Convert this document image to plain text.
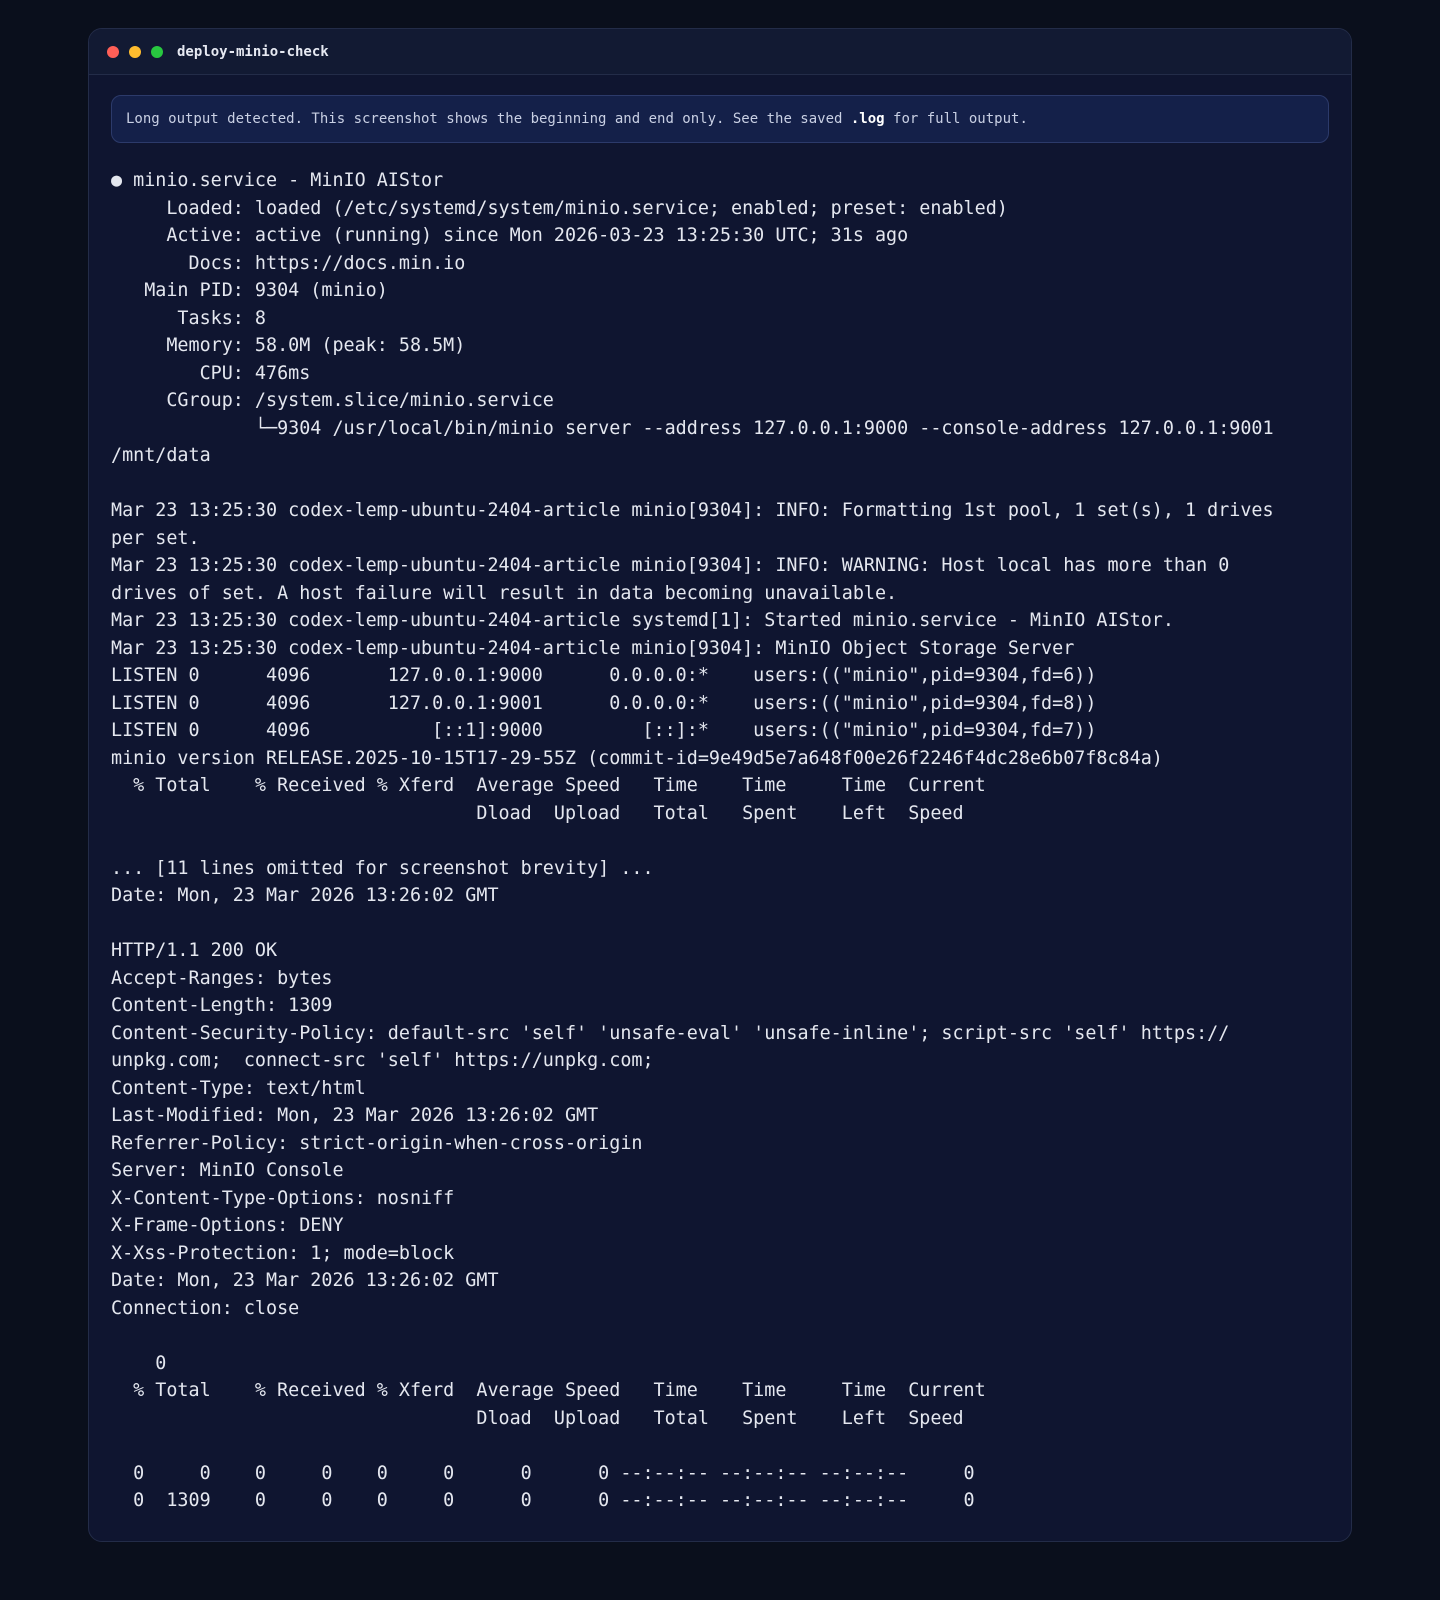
deploy-minio-check
Long output detected. This screenshot shows the beginning and end only. See the saved .log for full output.
● minio.service - MinIO AIStor
Loaded: loaded (/etc/systemd/system/minio.service; enabled; preset: enabled)
Active: active (running) since Mon 2026-03-23 13:25:30 UTC; 31s ago
Docs: https://docs.min.io
Main PID: 9304 (minio)
Tasks: 8
Memory: 58.0M (peak: 58.5M)
CPU: 476ms
CGroup: /system.slice/minio.service
└─9304 /usr/local/bin/minio server --address 127.0.0.1:9000 --console-address 127.0.0.1:9001
/mnt/data
Mar 23 13:25:30 codex-lemp-ubuntu-2404-article minio[9304]: INFO: Formatting 1st pool, 1 set(s), 1 drives
per set.
Mar 23 13:25:30 codex-lemp-ubuntu-2404-article minio[9304]: INFO: WARNING: Host local has more than 0
drives of set. A host failure will result in data becoming unavailable.
Mar 23 13:25:30 codex-lemp-ubuntu-2404-article systemd[1]: Started minio.service - MinIO AIStor.
Mar 23 13:25:30 codex-lemp-ubuntu-2404-article minio[9304]: MinIO Object Storage Server
LISTEN 0      4096       127.0.0.1:9000      0.0.0.0:*    users:(("minio",pid=9304,fd=6))
LISTEN 0      4096       127.0.0.1:9001      0.0.0.0:*    users:(("minio",pid=9304,fd=8))
LISTEN 0      4096           [::1]:9000         [::]:*    users:(("minio",pid=9304,fd=7))
minio version RELEASE.2025-10-15T17-29-55Z (commit-id=9e49d5e7a648f00e26f2246f4dc28e6b07f8c84a)
% Total    % Received % Xferd  Average Speed   Time    Time     Time  Current
Dload  Upload   Total   Spent    Left  Speed
... [11 lines omitted for screenshot brevity] ...
Date: Mon, 23 Mar 2026 13:26:02 GMT
HTTP/1.1 200 OK
Accept-Ranges: bytes
Content-Length: 1309
Content-Security-Policy: default-src 'self' 'unsafe-eval' 'unsafe-inline'; script-src 'self' https://
unpkg.com;  connect-src 'self' https://unpkg.com;
Content-Type: text/html
Last-Modified: Mon, 23 Mar 2026 13:26:02 GMT
Referrer-Policy: strict-origin-when-cross-origin
Server: MinIO Console
X-Content-Type-Options: nosniff
X-Frame-Options: DENY
X-Xss-Protection: 1; mode=block
Date: Mon, 23 Mar 2026 13:26:02 GMT
Connection: close
0
% Total    % Received % Xferd  Average Speed   Time    Time     Time  Current
Dload  Upload   Total   Spent    Left  Speed
0     0    0     0    0     0      0      0 --:--:-- --:--:-- --:--:--     0
0  1309    0     0    0     0      0      0 --:--:-- --:--:-- --:--:--     0
